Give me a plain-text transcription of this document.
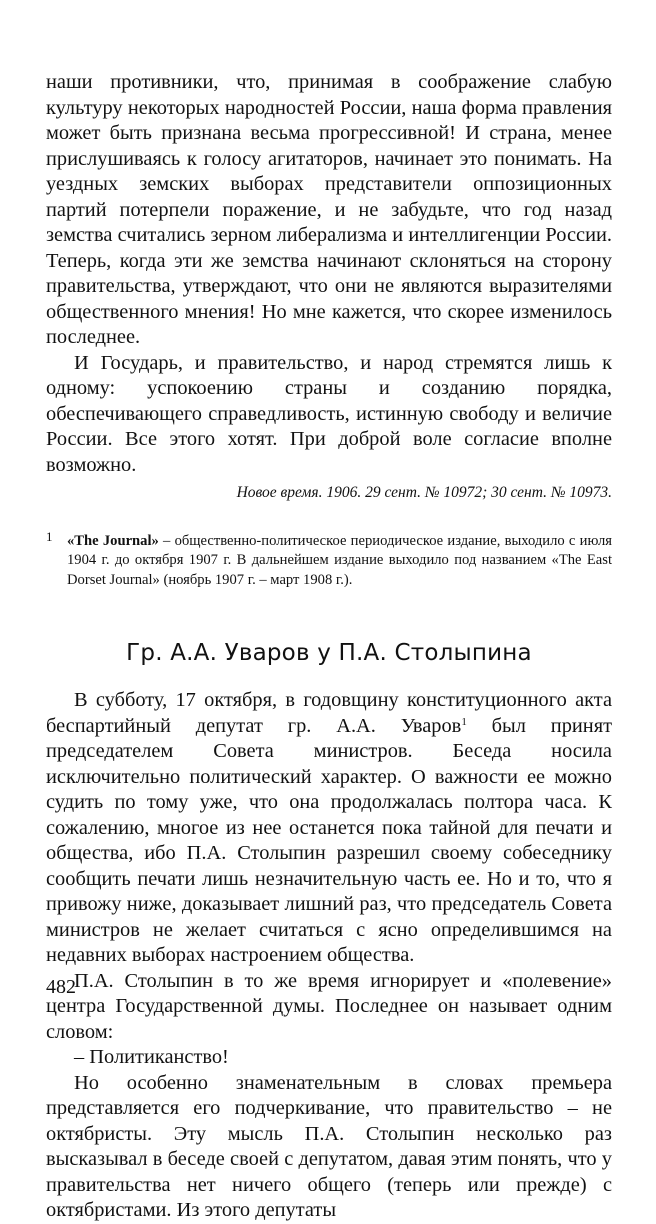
наши противники, что, принимая в соображение слабую культуру некоторых народностей России, наша форма правления может быть признана весьма прогрессивной! И страна, менее прислушиваясь к голосу агитаторов, начинает это понимать. На уездных земских выборах представители оппозиционных партий потерпели поражение, и не забудьте, что год назад земства считались зерном либерализма и интеллигенции России. Теперь, когда эти же земства начинают склоняться на сторону правительства, утверждают, что они не являются выразителями общественного мнения! Но мне кажется, что скорее изменилось последнее.

И Государь, и правительство, и народ стремятся лишь к одному: успокоению страны и созданию порядка, обеспечивающего справедливость, истинную свободу и величие России. Все этого хотят. При доброй воле согласие вполне возможно.

Новое время. 1906. 29 сент. № 10972; 30 сент. № 10973.

1 «The Journal» – общественно-политическое периодическое издание, выходило с июля 1904 г. до октября 1907 г. В дальнейшем издание выходило под названием «The East Dorset Journal» (ноябрь 1907 г. – март 1908 г.).

Гр. А.А. Уваров у П.А. Столыпина

В субботу, 17 октября, в годовщину конституционного акта беспартийный депутат гр. А.А. Уваров$^1$ был принят председателем Совета министров. Беседа носила исключительно политический характер. О важности ее можно судить по тому уже, что она продолжалась полтора часа. К сожалению, многое из нее останется пока тайной для печати и общества, ибо П.А. Столыпин разрешил своему собеседнику сообщить печати лишь незначительную часть ее. Но и то, что я привожу ниже, доказывает лишний раз, что председатель Совета министров не желает считаться с ясно определившимся на недавних выборах настроением общества.

П.А. Столыпин в то же время игнорирует и «полевение» центра Государственной думы. Последнее он называет одним словом:

– Политиканство!

Но особенно знаменательным в словах премьера представляется его подчеркивание, что правительство – не октябристы. Эту мысль П.А. Столыпин несколько раз высказывал в беседе своей с депутатом, давая этим понять, что у правительства нет ничего общего (теперь или прежде) с октябристами. Из этого депутаты

482
